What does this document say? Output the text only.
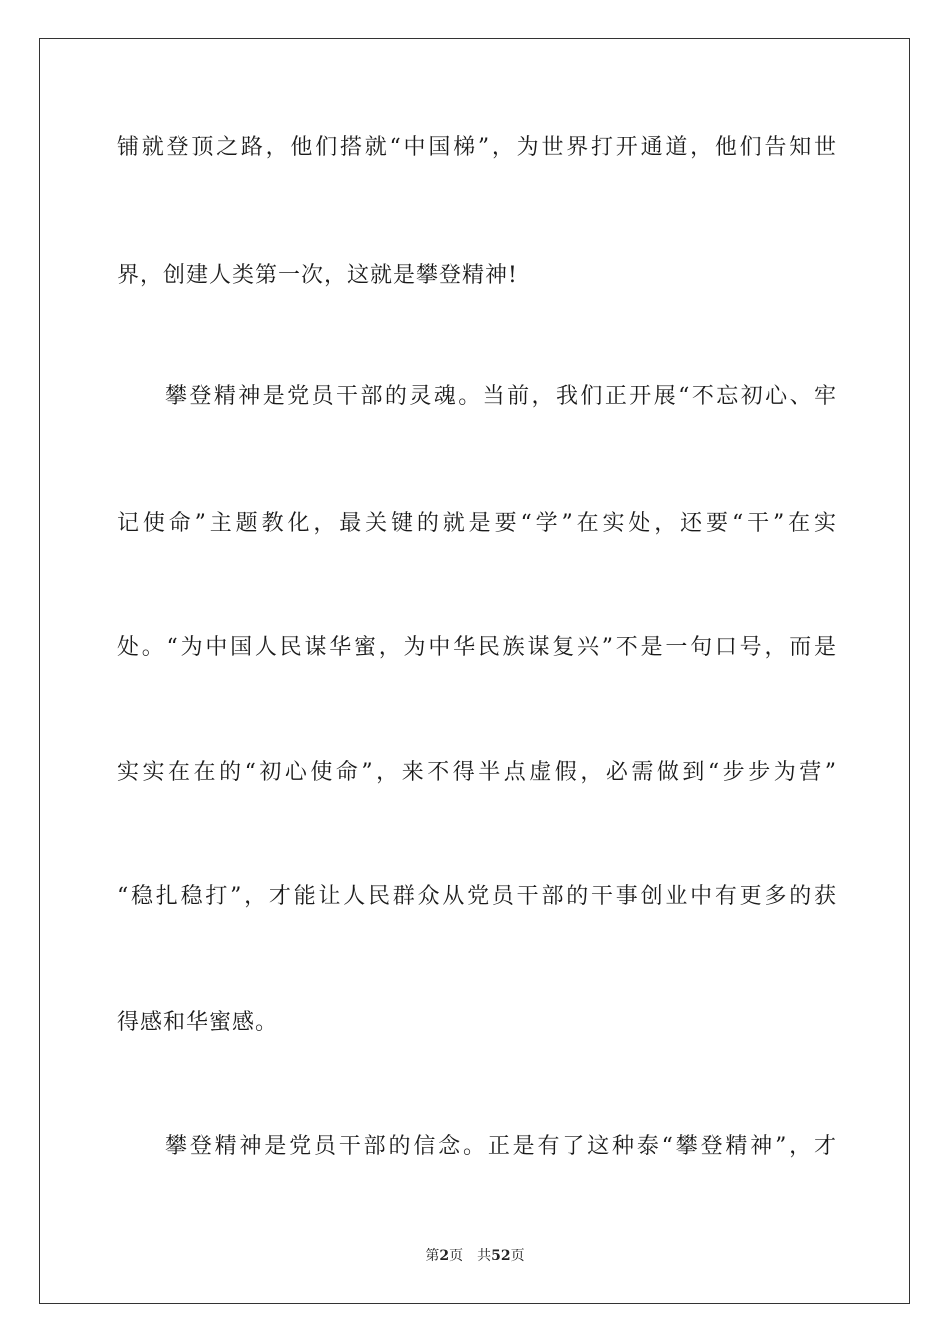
铺就登顶之路，他们搭就“中国梯”，为世界打开通道，他们告知世
界，创建人类第一次，这就是攀登精神!
攀登精神是党员干部的灵魂。当前，我们正开展“不忘初心、牢
记使命”主题教化，最关键的就是要“学”在实处，还要“干”在实
处。“为中国人民谋华蜜，为中华民族谋复兴”不是一句口号，而是
实实在在的“初心使命”，来不得半点虚假，必需做到“步步为营”
“稳扎稳打”，才能让人民群众从党员干部的干事创业中有更多的获
得感和华蜜感。
攀登精神是党员干部的信念。正是有了这种泰“攀登精神”，才
第2页 共52页
